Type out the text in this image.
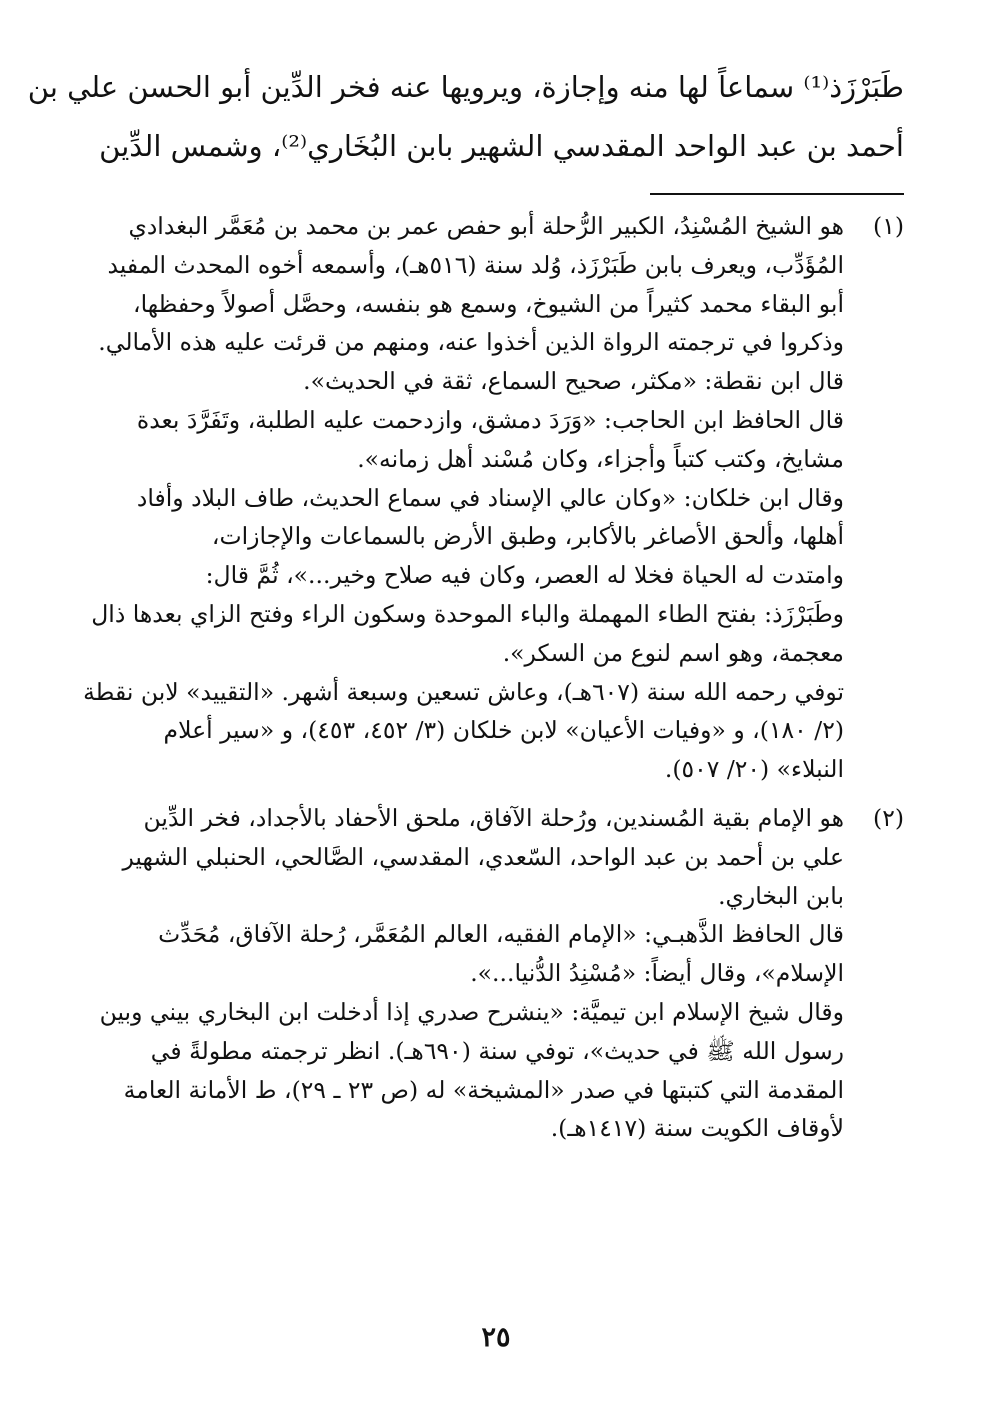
طَبَرْزَذ⁽¹⁾ سماعاً لها منه وإجازة، ويرويها عنه فخر الدِّين أبو الحسن علي بن
أحمد بن عبد الواحد المقدسي الشهير بابن البُخَاري⁽²⁾، وشمس الدِّين
(١)
هو الشيخ المُسْنِدُ، الكبير الرُّحلة أبو حفص عمر بن محمد بن مُعَمَّر البغدادي
المُؤَدِّب، ويعرف بابن طَبَرْزَذ، وُلد سنة (٥١٦هـ)، وأسمعه أخوه المحدث المفيد
أبو البقاء محمد كثيراً من الشيوخ، وسمع هو بنفسه، وحصَّل أصولاً وحفظها،
وذكروا في ترجمته الرواة الذين أخذوا عنه، ومنهم من قرئت عليه هذه الأمالي.
قال ابن نقطة: «مكثر، صحيح السماع، ثقة في الحديث».
قال الحافظ ابن الحاجب: «وَرَدَ دمشق، وازدحمت عليه الطلبة، وتَفَرَّدَ بعدة
مشايخ، وكتب كتباً وأجزاء، وكان مُسْند أهل زمانه».
وقال ابن خلكان: «وكان عالي الإسناد في سماع الحديث، طاف البلاد وأفاد
أهلها، وألحق الأصاغر بالأكابر، وطبق الأرض بالسماعات والإجازات،
وامتدت له الحياة فخلا له العصر، وكان فيه صلاح وخير...»، ثُمَّ قال:
وطَبَرْزَذ: بفتح الطاء المهملة والباء الموحدة وسكون الراء وفتح الزاي بعدها ذال
معجمة، وهو اسم لنوع من السكر».
توفي رحمه الله سنة (٦٠٧هـ)، وعاش تسعين وسبعة أشهر. «التقييد» لابن نقطة
(٢/ ١٨٠)، و «وفيات الأعيان» لابن خلكان (٣/ ٤٥٢، ٤٥٣)، و «سير أعلام
النبلاء» (٢٠/ ٥٠٧).
(٢)
هو الإمام بقية المُسندين، ورُحلة الآفاق، ملحق الأحفاد بالأجداد، فخر الدِّين
علي بن أحمد بن عبد الواحد، السّعدي، المقدسي، الصَّالحي، الحنبلي الشهير
بابن البخاري.
قال الحافظ الذَّهبـي: «الإمام الفقيه، العالم المُعَمَّر، رُحلة الآفاق، مُحَدِّث
الإسلام»، وقال أيضاً: «مُسْنِدُ الدُّنيا...».
وقال شيخ الإسلام ابن تيميَّة: «ينشرح صدري إذا أدخلت ابن البخاري بيني وبين
رسول الله ﷺ في حديث»، توفي سنة (٦٩٠هـ). انظر ترجمته مطولةً في
المقدمة التي كتبتها في صدر «المشيخة» له (ص ٢٣ ـ ٢٩)، ط الأمانة العامة
لأوقاف الكويت سنة (١٤١٧هـ).
٢٥
